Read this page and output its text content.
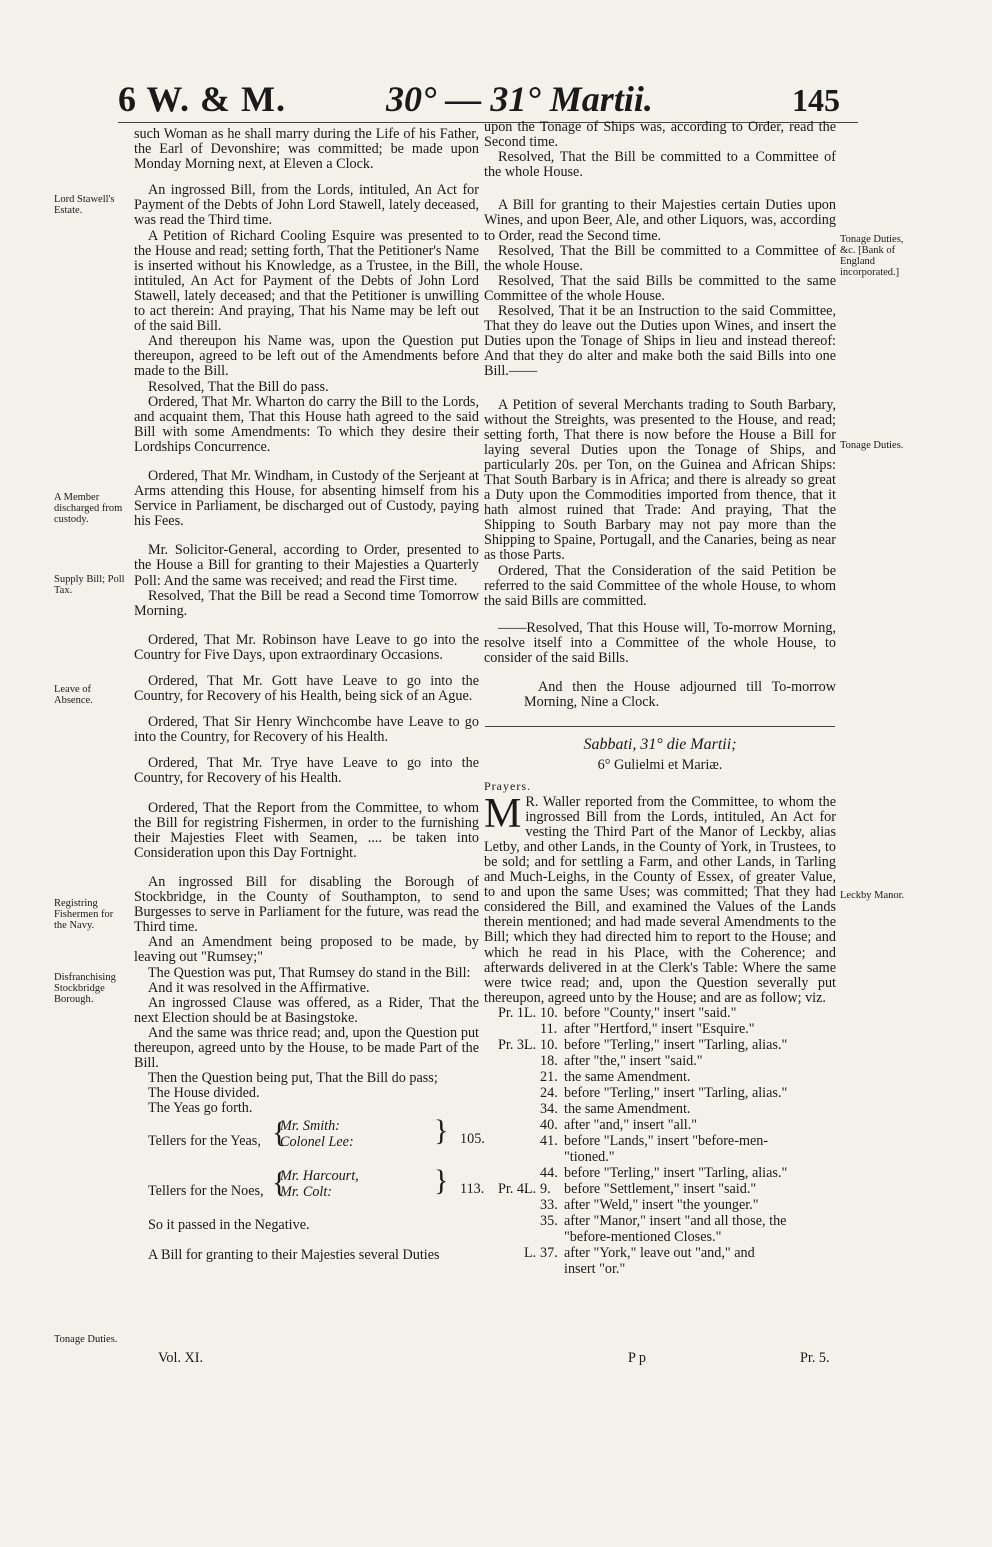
6 W. & M.	30° — 31° Martii.	145
Lord Stawell's Estate.
A Member discharged from custody.
Supply Bill; Poll Tax.
Leave of Absence.
Registring Fishermen for the Navy.
Disfranchising Stockbridge Borough.
Tonage Duties.
Tonage Duties, &c. [Bank of England incorporated.]
Tonage Duties.
Leckby Manor.

such Woman as he shall marry during the Life of his Father, the Earl of Devonshire; was committed; be made upon Monday Morning next, at Eleven a Clock.

An ingrossed Bill, from the Lords, intituled, An Act for Payment of the Debts of John Lord Stawell, lately deceased, was read the Third time.

A Petition of Richard Cooling Esquire was presented to the House and read; setting forth, That the Petitioner's Name is inserted without his Knowledge, as a Trustee, in the Bill, intituled, An Act for Payment of the Debts of John Lord Stawell, lately deceased; and that the Petitioner is unwilling to act therein: And praying, That his Name may be left out of the said Bill.

And thereupon his Name was, upon the Question put thereupon, agreed to be left out of the Amendments before made to the Bill.

Resolved, That the Bill do pass.

Ordered, That Mr. Wharton do carry the Bill to the Lords, and acquaint them, That this House hath agreed to the said Bill with some Amendments: To which they desire their Lordships Concurrence.

Ordered, That Mr. Windham, in Custody of the Serjeant at Arms attending this House, for absenting himself from his Service in Parliament, be discharged out of Custody, paying his Fees.

Mr. Solicitor-General, according to Order, presented to the House a Bill for granting to their Majesties a Quarterly Poll: And the same was received; and read the First time.

Resolved, That the Bill be read a Second time Tomorrow Morning.

Ordered, That Mr. Robinson have Leave to go into the Country for Five Days, upon extraordinary Occasions.

Ordered, That Mr. Gott have Leave to go into the Country, for Recovery of his Health, being sick of an Ague.

Ordered, That Sir Henry Winchcombe have Leave to go into the Country, for Recovery of his Health.

Ordered, That Mr. Trye have Leave to go into the Country, for Recovery of his Health.

Ordered, That the Report from the Committee, to whom the Bill for registring Fishermen, in order to the furnishing their Majesties Fleet with Seamen, .... be taken into Consideration upon this Day Fortnight.

An ingrossed Bill for disabling the Borough of Stockbridge, in the County of Southampton, to send Burgesses to serve in Parliament for the future, was read the Third time.

And an Amendment being proposed to be made, by leaving out "Rumsey;"

The Question was put, That Rumsey do stand in the Bill:

And it was resolved in the Affirmative.

An ingrossed Clause was offered, as a Rider, That the next Election should be at Basingstoke.

And the same was thrice read; and, upon the Question put thereupon, agreed unto by the House, to be made Part of the Bill.

Then the Question being put, That the Bill do pass;

The House divided.

The Yeas go forth.

Tellers for the Yeas, {
Mr. Smith:
Colonel Lee:	} 105.
Tellers for the Noes, {
Mr. Harcourt,
Mr. Colt:	} 113.

So it passed in the Negative.

A Bill for granting to their Majesties several Duties

Vol. XI.

upon the Tonage of Ships was, according to Order, read the Second time.

Resolved, That the Bill be committed to a Committee of the whole House.

A Bill for granting to their Majesties certain Duties upon Wines, and upon Beer, Ale, and other Liquors, was, according to Order, read the Second time.

Resolved, That the Bill be committed to a Committee of the whole House.

Resolved, That the said Bills be committed to the same Committee of the whole House.

Resolved, That it be an Instruction to the said Committee, That they do leave out the Duties upon Wines, and insert the Duties upon the Tonage of Ships in lieu and instead thereof: And that they do alter and make both the said Bills into one Bill.——

A Petition of several Merchants trading to South Barbary, without the Streights, was presented to the House, and read; setting forth, That there is now before the House a Bill for laying several Duties upon the Tonage of Ships, and particularly 20s. per Ton, on the Guinea and African Ships: That South Barbary is in Africa; and there is already so great a Duty upon the Commodities imported from thence, that it hath almost ruined that Trade: And praying, That the Shipping to South Barbary may not pay more than the Shipping to Spaine, Portugall, and the Canaries, being as near as those Parts.

Ordered, That the Consideration of the said Petition be referred to the said Committee of the whole House, to whom the said Bills are committed.

——Resolved, That this House will, To-morrow Morning, resolve itself into a Committee of the whole House, to consider of the said Bills.

And then the House adjourned till To-morrow Morning, Nine a Clock.

Sabbati, 31° die Martii;

6° Gulielmi et Mariæ.

Prayers.

M R. Waller reported from the Committee, to whom the ingrossed Bill from the Lords, intituled, An Act for vesting the Third Part of the Manor of Leckby, alias Letby, and other Lands, in the County of York, in Trustees, to be sold; and for settling a Farm, and other Lands, in Tarling and Much-Leighs, in the County of Essex, of greater Value, to and upon the same Uses; was committed; That they had considered the Bill, and examined the Values of the Lands therein mentioned; and had made several Amendments to the Bill; which they had directed him to report to the House; and which he read in his Place, with the Coherence; and afterwards delivered in at the Clerk's Table: Where the same were twice read; and, upon the Question severally put thereupon, agreed unto by the House; and are as follow; viz.

Pr. 1.
L. 10. before "County," insert "said."
11. after "Hertford," insert "Esquire."
Pr. 3.
L. 10. before "Terling," insert "Tarling, alias."
18. after "the," insert "said."
21. the same Amendment.
24. before "Terling," insert "Tarling, alias."
34. the same Amendment.
40. after "and," insert "all."
41. before "Lands," insert "before-men-
"tioned."
44. before "Terling," insert "Tarling, alias."
Pr. 4.
L. 9. before "Settlement," insert "said."
33. after "Weld," insert "the younger."
35. after "Manor," insert "and all those, the
"before-mentioned Closes."
L. 37. after "York," leave out "and," and
insert "or."
P p	Pr. 5.
